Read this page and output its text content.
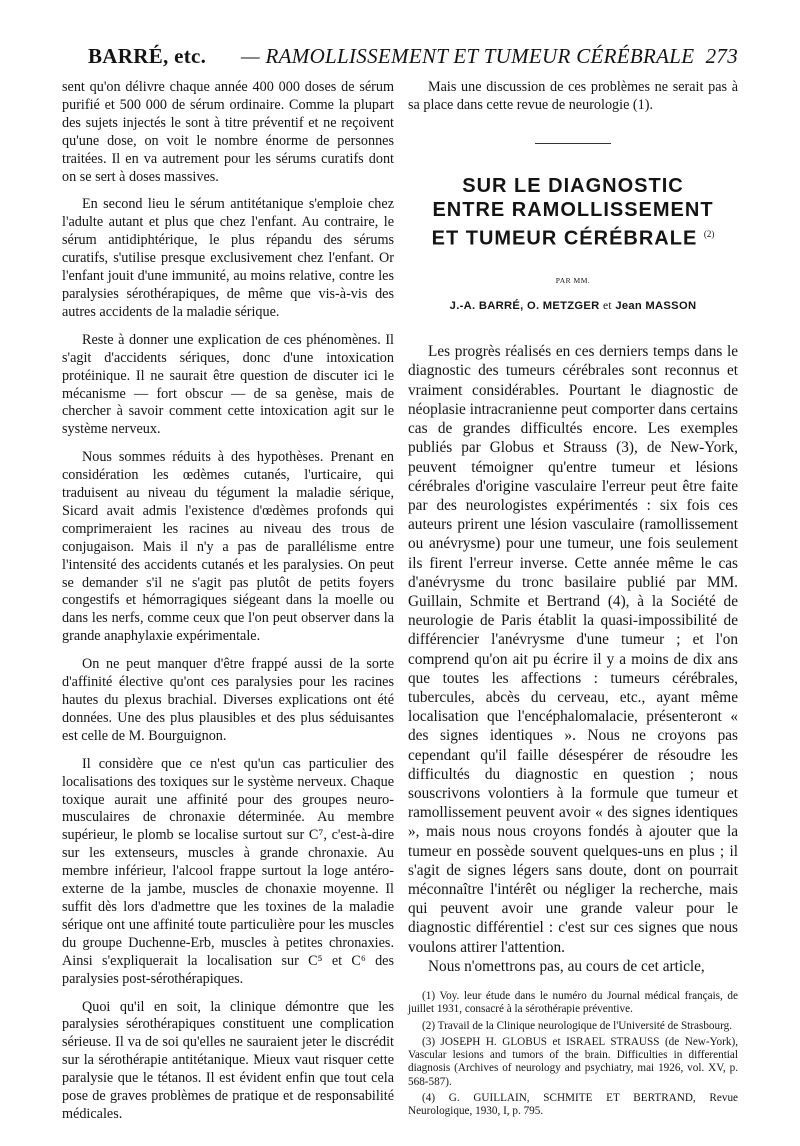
BARRÉ, etc. — RAMOLLISSEMENT ET TUMEUR CÉRÉBRALE 273

sent qu'on délivre chaque année 400 000 doses de sérum purifié et 500 000 de sérum ordinaire. Comme la plupart des sujets injectés le sont à titre préventif et ne reçoivent qu'une dose, on voit le nombre énorme de personnes traitées. Il en va autrement pour les sérums curatifs dont on se sert à doses massives.

En second lieu le sérum antitétanique s'emploie chez l'adulte autant et plus que chez l'enfant. Au contraire, le sérum antidiphtérique, le plus répandu des sérums curatifs, s'utilise presque exclusivement chez l'enfant. Or l'enfant jouit d'une immunité, au moins relative, contre les paralysies sérothérapiques, de même que vis-à-vis des autres accidents de la maladie sérique.

Reste à donner une explication de ces phénomènes. Il s'agit d'accidents sériques, donc d'une intoxication protéinique. Il ne saurait être question de discuter ici le mécanisme — fort obscur — de sa genèse, mais de chercher à savoir comment cette intoxication agit sur le système nerveux.

Nous sommes réduits à des hypothèses. Prenant en considération les œdèmes cutanés, l'urticaire, qui traduisent au niveau du tégument la maladie sérique, Sicard avait admis l'existence d'œdèmes profonds qui comprimeraient les racines au niveau des trous de conjugaison. Mais il n'y a pas de parallélisme entre l'intensité des accidents cutanés et les paralysies. On peut se demander s'il ne s'agit pas plutôt de petits foyers congestifs et hémorragiques siégeant dans la moelle ou dans les nerfs, comme ceux que l'on peut observer dans la grande anaphylaxie expérimentale.

On ne peut manquer d'être frappé aussi de la sorte d'affinité élective qu'ont ces paralysies pour les racines hautes du plexus brachial. Diverses explications ont été données. Une des plus plausibles et des plus séduisantes est celle de M. Bourguignon.

Il considère que ce n'est qu'un cas particulier des localisations des toxiques sur le système nerveux. Chaque toxique aurait une affinité pour des groupes neuro-musculaires de chronaxie déterminée. Au membre supérieur, le plomb se localise surtout sur C⁷, c'est-à-dire sur les extenseurs, muscles à grande chronaxie. Au membre inférieur, l'alcool frappe surtout la loge antéro-externe de la jambe, muscles de chonaxie moyenne. Il suffit dès lors d'admettre que les toxines de la maladie sérique ont une affinité toute particulière pour les muscles du groupe Duchenne-Erb, muscles à petites chronaxies. Ainsi s'expliquerait la localisation sur C⁵ et C⁶ des paralysies post-sérothérapiques.

Quoi qu'il en soit, la clinique démontre que les paralysies sérothérapiques constituent une complication sérieuse. Il va de soi qu'elles ne sauraient jeter le discrédit sur la sérothérapie antitétanique. Mieux vaut risquer cette paralysie que le tétanos. Il est évident enfin que tout cela pose de graves problèmes de pratique et de responsabilité médicales.

Mais une discussion de ces problèmes ne serait pas à sa place dans cette revue de neurologie (1).

SUR LE DIAGNOSTIC
ENTRE RAMOLLISSEMENT
ET TUMEUR CÉRÉBRALE $^{(2)}$
PAR MM.
J.-A. BARRÉ, O. METZGER et Jean MASSON

Les progrès réalisés en ces derniers temps dans le diagnostic des tumeurs cérébrales sont reconnus et vraiment considérables. Pourtant le diagnostic de néoplasie intracranienne peut comporter dans certains cas de grandes difficultés encore. Les exemples publiés par Globus et Strauss (3), de New-York, peuvent témoigner qu'entre tumeur et lésions cérébrales d'origine vasculaire l'erreur peut être faite par des neurologistes expérimentés : six fois ces auteurs prirent une lésion vasculaire (ramollissement ou anévrysme) pour une tumeur, une fois seulement ils firent l'erreur inverse. Cette année même le cas d'anévrysme du tronc basilaire publié par MM. Guillain, Schmite et Bertrand (4), à la Société de neurologie de Paris établit la quasi-impossibilité de différencier l'anévrysme d'une tumeur ; et l'on comprend qu'on ait pu écrire il y a moins de dix ans que toutes les affections : tumeurs cérébrales, tubercules, abcès du cerveau, etc., ayant même localisation que l'encéphalomalacie, présenteront « des signes identiques ». Nous ne croyons pas cependant qu'il faille désespérer de résoudre les difficultés du diagnostic en question ; nous souscrivons volontiers à la formule que tumeur et ramollissement peuvent avoir « des signes identiques », mais nous nous croyons fondés à ajouter que la tumeur en possède souvent quelques-uns en plus ; il s'agit de signes légers sans doute, dont on pourrait méconnaître l'intérêt ou négliger la recherche, mais qui peuvent avoir une grande valeur pour le diagnostic différentiel : c'est sur ces signes que nous voulons attirer l'attention.

Nous n'omettrons pas, au cours de cet article,

(1) Voy. leur étude dans le numéro du Journal médical français, de juillet 1931, consacré à la sérothérapie préventive.

(2) Travail de la Clinique neurologique de l'Université de Strasbourg.

(3) JOSEPH H. GLOBUS et ISRAEL STRAUSS (de New-York), Vascular lesions and tumors of the brain. Difficulties in differential diagnosis (Archives of neurology and psychiatry, mai 1926, vol. XV, p. 568-587).

(4) G. GUILLAIN, SCHMITE ET BERTRAND, Revue Neurologique, 1930, I, p. 795.
